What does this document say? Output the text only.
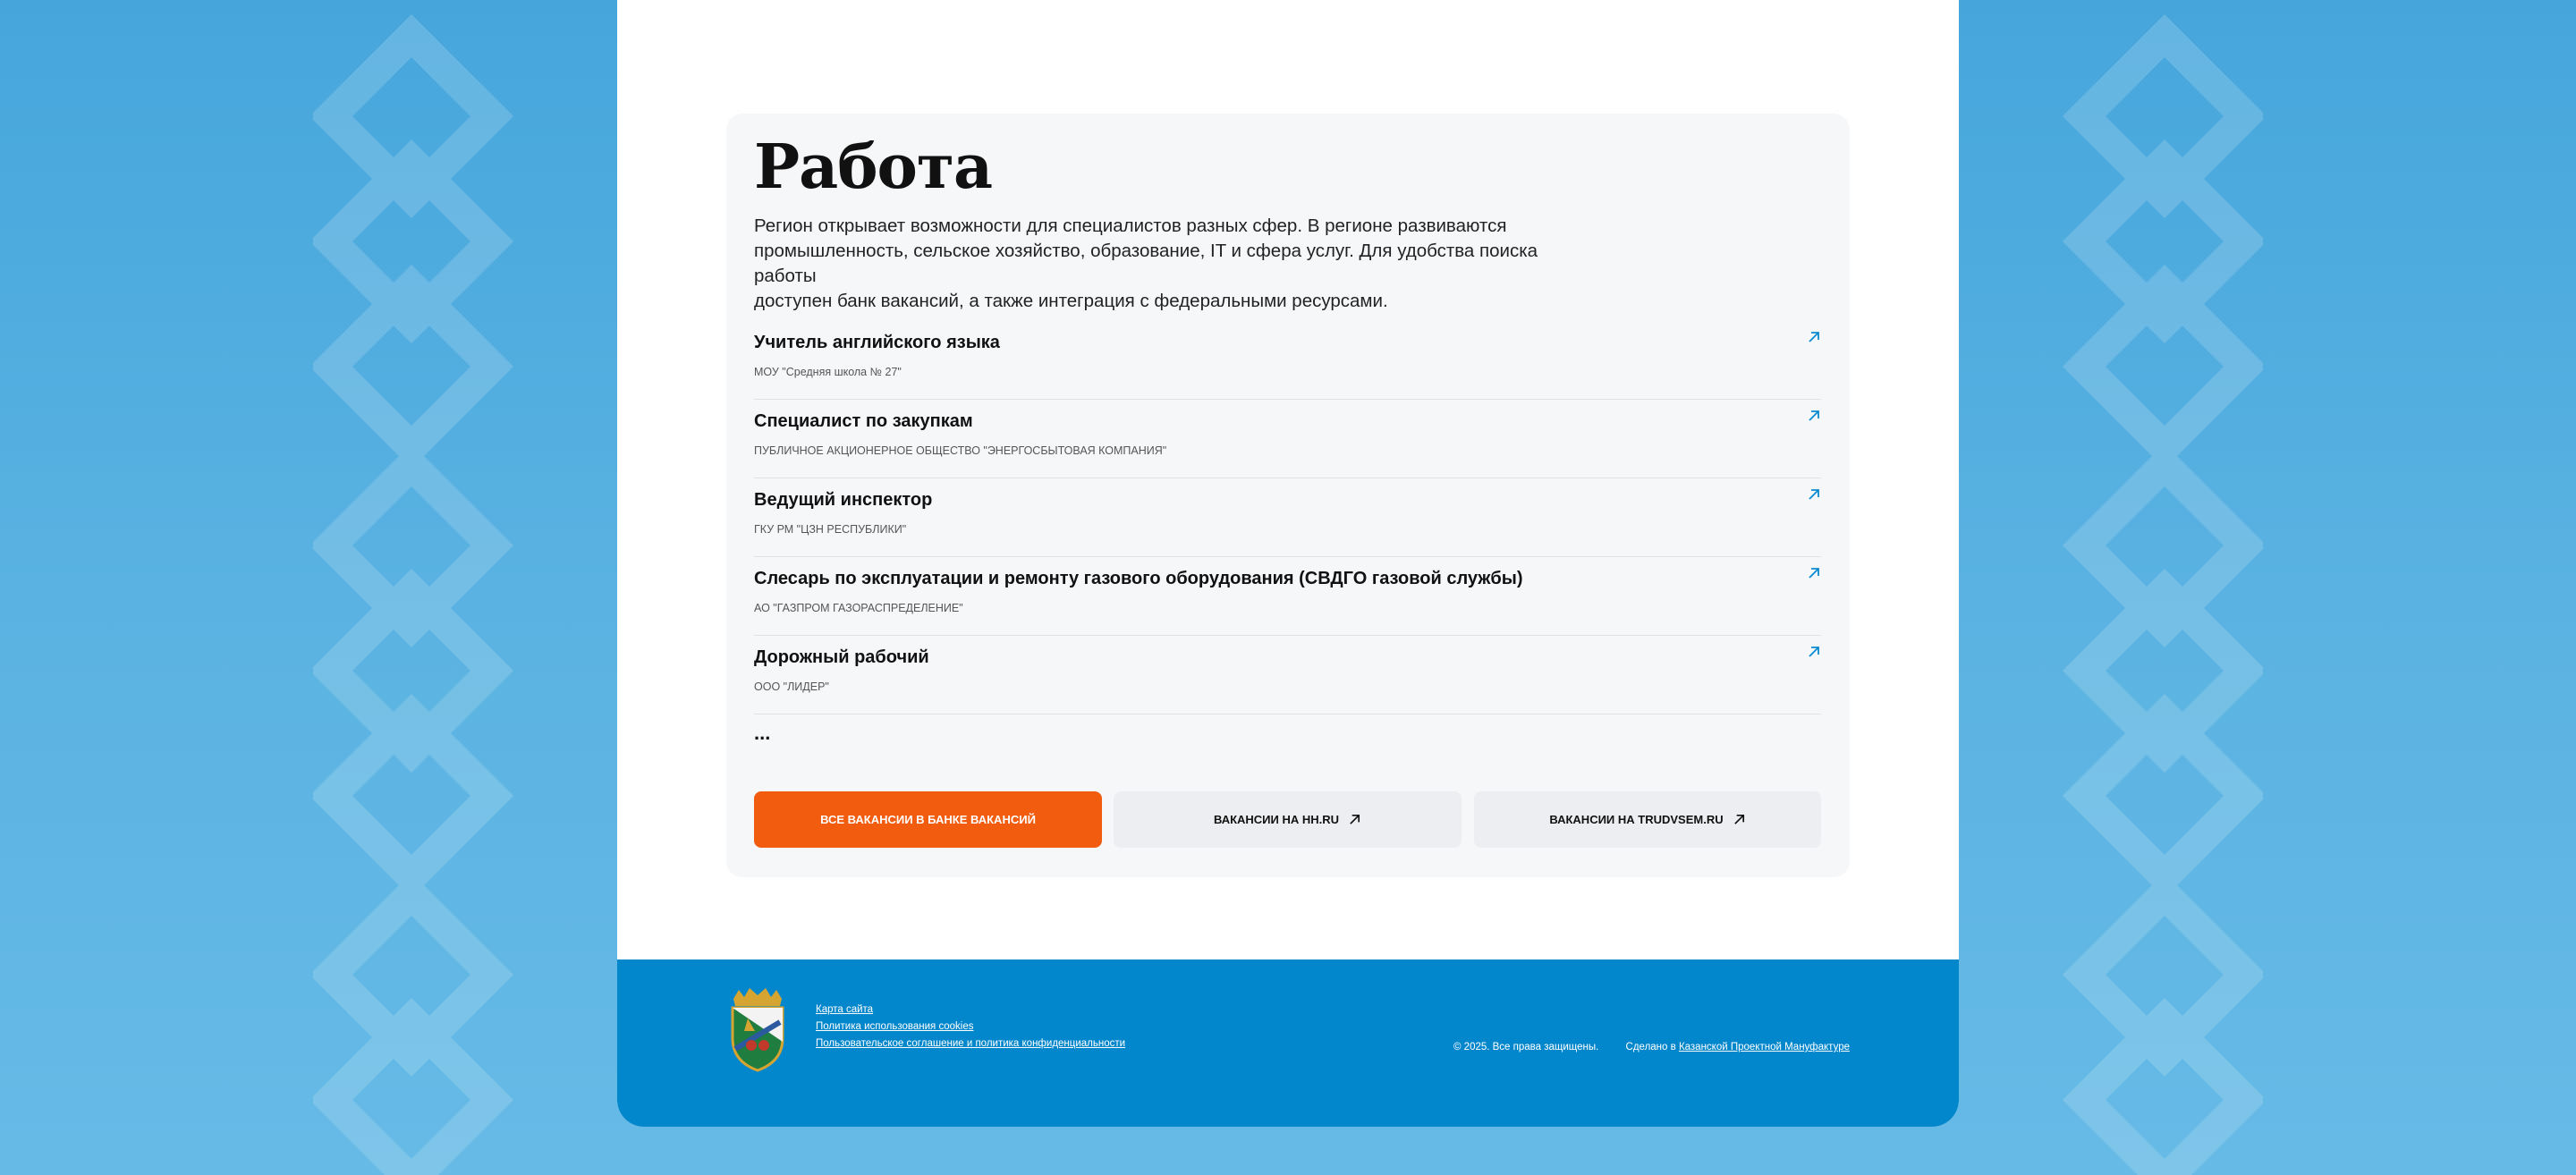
Работа
Регион открывает возможности для специалистов разных сфер. В регионе развиваются
промышленность, сельское хозяйство, образование, IT и сфера услуг. Для удобства поиска работы
доступен банк вакансий, а также интеграция с федеральными ресурсами.
Учитель английского языка
МОУ "Средняя школа № 27"
Специалист по закупкам
ПУБЛИЧНОЕ АКЦИОНЕРНОЕ ОБЩЕСТВО "ЭНЕРГОСБЫТОВАЯ КОМПАНИЯ"
Ведущий инспектор
ГКУ РМ "ЦЗН РЕСПУБЛИКИ"
Слесарь по эксплуатации и ремонту газового оборудования (СВДГО газовой службы)
АО "ГАЗПРОМ ГАЗОРАСПРЕДЕЛЕНИЕ"
Дорожный рабочий
ООО "ЛИДЕР"
...
ВСЕ ВАКАНСИИ В БАНКЕ ВАКАНСИЙ	ВАКАНСИИ НА HH.RU	ВАКАНСИИ НА TRUDVSEM.RU
Карта сайта
Политика использования cookies
Пользовательское соглашение и политика конфиденциальности	© 2025. Все права защищены.	Сделано в Казанской Проектной Мануфактуре
